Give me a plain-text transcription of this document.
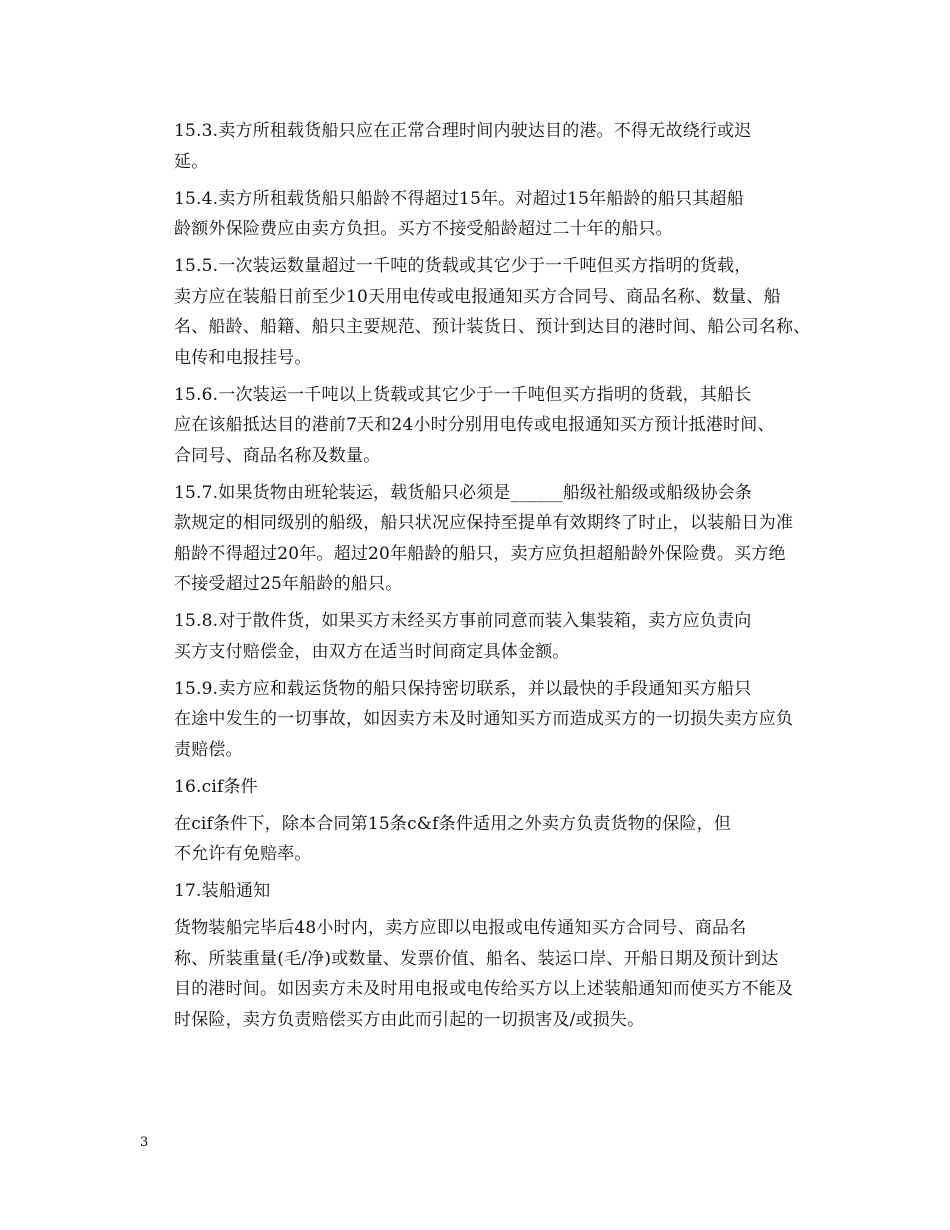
15.3.卖方所租载货船只应在正常合理时间内驶达目的港。不得无故绕行或迟
延。

15.4.卖方所租载货船只船龄不得超过15年。对超过15年船龄的船只其超船
龄额外保险费应由卖方负担。买方不接受船龄超过二十年的船只。

15.5.一次装运数量超过一千吨的货载或其它少于一千吨但买方指明的货载，
卖方应在装船日前至少10天用电传或电报通知买方合同号、商品名称、数量、船
名、船龄、船籍、船只主要规范、预计装货日、预计到达目的港时间、船公司名称、
电传和电报挂号。

15.6.一次装运一千吨以上货载或其它少于一千吨但买方指明的货载，其船长
应在该船抵达目的港前7天和24小时分别用电传或电报通知买方预计抵港时间、
合同号、商品名称及数量。

15.7.如果货物由班轮装运，载货船只必须是______船级社船级或船级协会条
款规定的相同级别的船级，船只状况应保持至提单有效期终了时止，以装船日为准
船龄不得超过20年。超过20年船龄的船只，卖方应负担超船龄外保险费。买方绝
不接受超过25年船龄的船只。

15.8.对于散件货，如果买方未经买方事前同意而装入集装箱，卖方应负责向
买方支付赔偿金，由双方在适当时间商定具体金额。

15.9.卖方应和载运货物的船只保持密切联系，并以最快的手段通知买方船只
在途中发生的一切事故，如因卖方未及时通知买方而造成买方的一切损失卖方应负
责赔偿。

16.cif条件

在cif条件下，除本合同第15条c&f条件适用之外卖方负责货物的保险，但
不允许有免赔率。

17.装船通知

货物装船完毕后48小时内，卖方应即以电报或电传通知买方合同号、商品名
称、所装重量(毛/净)或数量、发票价值、船名、装运口岸、开船日期及预计到达
目的港时间。如因卖方未及时用电报或电传给买方以上述装船通知而使买方不能及
时保险，卖方负责赔偿买方由此而引起的一切损害及/或损失。

3
